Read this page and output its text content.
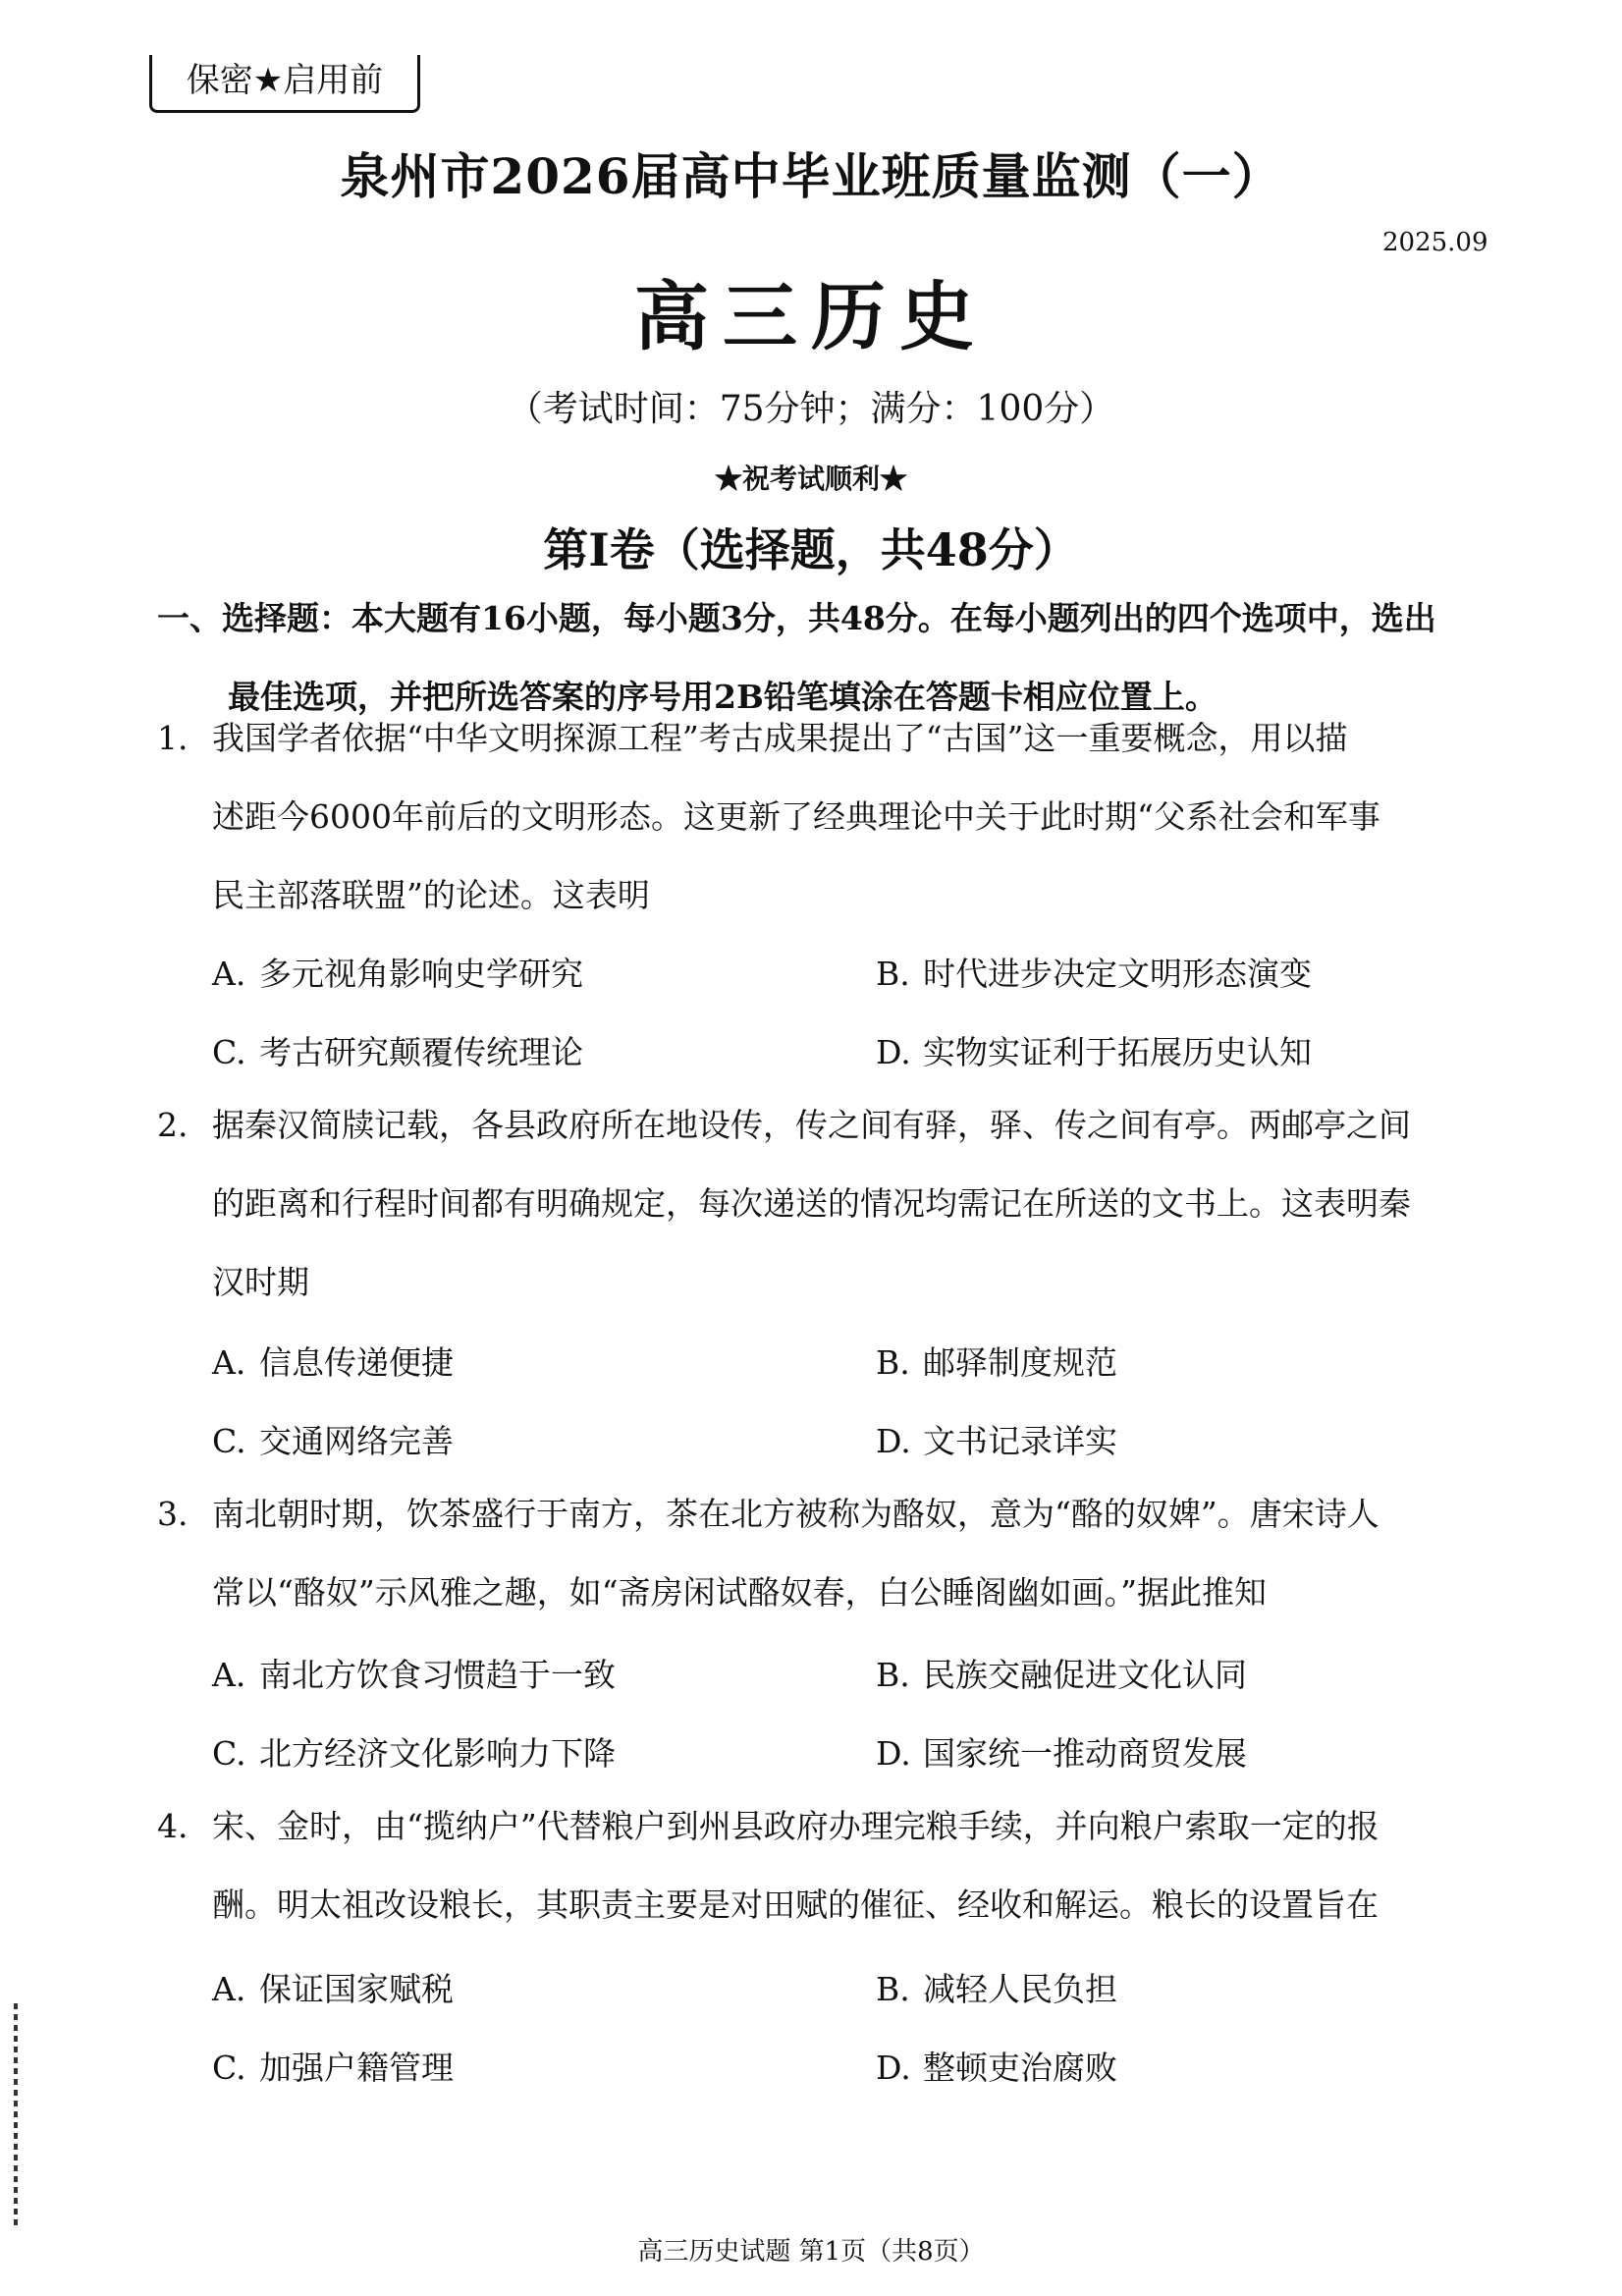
保密★启用前
泉州市2026届高中毕业班质量监测（一）
2025.09
高三历史
（考试时间：75分钟；满分：100分）
★祝考试顺利★
第Ⅰ卷（选择题，共48分）
一、选择题：本大题有16小题，每小题3分，共48分。在每小题列出的四个选项中，选出
最佳选项，并把所选答案的序号用2B铅笔填涂在答题卡相应位置上。
1. 我国学者依据“中华文明探源工程”考古成果提出了“古国”这一重要概念，用以描
述距今6000年前后的文明形态。这更新了经典理论中关于此时期“父系社会和军事
民主部落联盟”的论述。这表明
A. 多元视角影响史学研究	B. 时代进步决定文明形态演变
C. 考古研究颠覆传统理论	D. 实物实证利于拓展历史认知
2. 据秦汉简牍记载，各县政府所在地设传，传之间有驿，驿、传之间有亭。两邮亭之间
的距离和行程时间都有明确规定，每次递送的情况均需记在所送的文书上。这表明秦
汉时期
A. 信息传递便捷	B. 邮驿制度规范
C. 交通网络完善	D. 文书记录详实
3. 南北朝时期，饮茶盛行于南方，茶在北方被称为酪奴，意为“酪的奴婢”。唐宋诗人
常以“酪奴”示风雅之趣，如“斋房闲试酪奴春，白公睡阁幽如画。”据此推知
A. 南北方饮食习惯趋于一致	B. 民族交融促进文化认同
C. 北方经济文化影响力下降	D. 国家统一推动商贸发展
4. 宋、金时，由“揽纳户”代替粮户到州县政府办理完粮手续，并向粮户索取一定的报
酬。明太祖改设粮长，其职责主要是对田赋的催征、经收和解运。粮长的设置旨在
A. 保证国家赋税	B. 减轻人民负担
C. 加强户籍管理	D. 整顿吏治腐败
高三历史试题 第1页（共8页）
